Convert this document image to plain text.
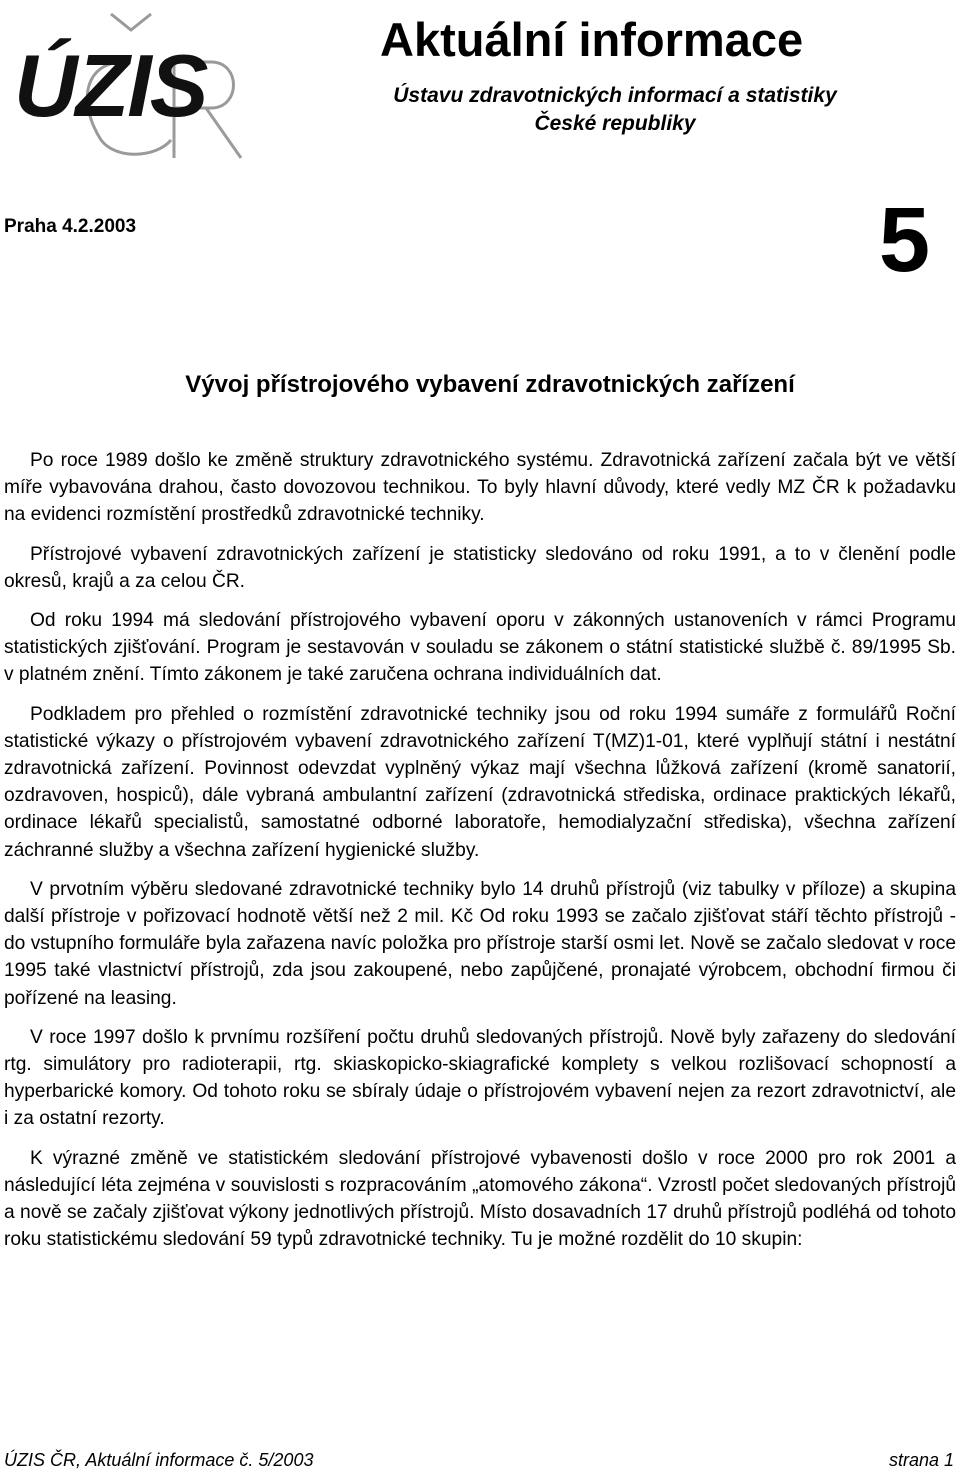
ÚZIS	Aktuální informace
Ústavu zdravotnických informací a statistiky
České republiky
Praha 4.2.2003	5
Vývoj přístrojového vybavení zdravotnických zařízení

Po roce 1989 došlo ke změně struktury zdravotnického systému. Zdravotnická zařízení začala být ve větší míře vybavována drahou, často dovozovou technikou. To byly hlavní důvody, které vedly MZ ČR k požadavku na evidenci rozmístění prostředků zdravotnické techniky.

Přístrojové vybavení zdravotnických zařízení je statisticky sledováno od roku 1991, a to v členění podle okresů, krajů a za celou ČR.

Od roku 1994 má sledování přístrojového vybavení oporu v zákonných ustanoveních v rámci Programu statistických zjišťování. Program je sestavován v souladu se zákonem o státní statistické službě č. 89/1995 Sb. v platném znění. Tímto zákonem je také zaručena ochrana individuálních dat.

Podkladem pro přehled o rozmístění zdravotnické techniky jsou od roku 1994 sumáře z formulářů Roční statistické výkazy o přístrojovém vybavení zdravotnického zařízení T(MZ)1-01, které vyplňují státní i nestátní zdravotnická zařízení. Povinnost odevzdat vyplněný výkaz mají všechna lůžková zařízení (kromě sanatorií, ozdravoven, hospiců), dále vybraná ambulantní zařízení (zdravotnická střediska, ordinace praktických lékařů, ordinace lékařů specialistů, samostatné odborné laboratoře, hemodialyzační střediska), všechna zařízení záchranné služby a všechna zařízení hygienické služby.

V prvotním výběru sledované zdravotnické techniky bylo 14 druhů přístrojů (viz tabulky v příloze) a skupina další přístroje v pořizovací hodnotě větší než 2 mil. Kč Od roku 1993 se začalo zjišťovat stáří těchto přístrojů - do vstupního formuláře byla zařazena navíc položka pro přístroje starší osmi let. Nově se začalo sledovat v roce 1995 také vlastnictví přístrojů, zda jsou zakoupené, nebo zapůjčené, pronajaté výrobcem, obchodní firmou či pořízené na leasing.

V roce 1997 došlo k prvnímu rozšíření počtu druhů sledovaných přístrojů. Nově byly zařazeny do sledování rtg. simulátory pro radioterapii, rtg. skiaskopicko-skiagrafické komplety s velkou rozlišovací schopností a hyperbarické komory. Od tohoto roku se sbíraly údaje o přístrojovém vybavení nejen za rezort zdravotnictví, ale i za ostatní rezorty.

K výrazné změně ve statistickém sledování přístrojové vybavenosti došlo v roce 2000 pro rok 2001 a následující léta zejména v souvislosti s rozpracováním „atomového zákona“. Vzrostl počet sledovaných přístrojů a nově se začaly zjišťovat výkony jednotlivých přístrojů. Místo dosavadních 17 druhů přístrojů podléhá od tohoto roku statistickému sledování 59 typů zdravotnické techniky. Tu je možné rozdělit do 10 skupin:

ÚZIS ČR, Aktuální informace č. 5/2003	strana 1
